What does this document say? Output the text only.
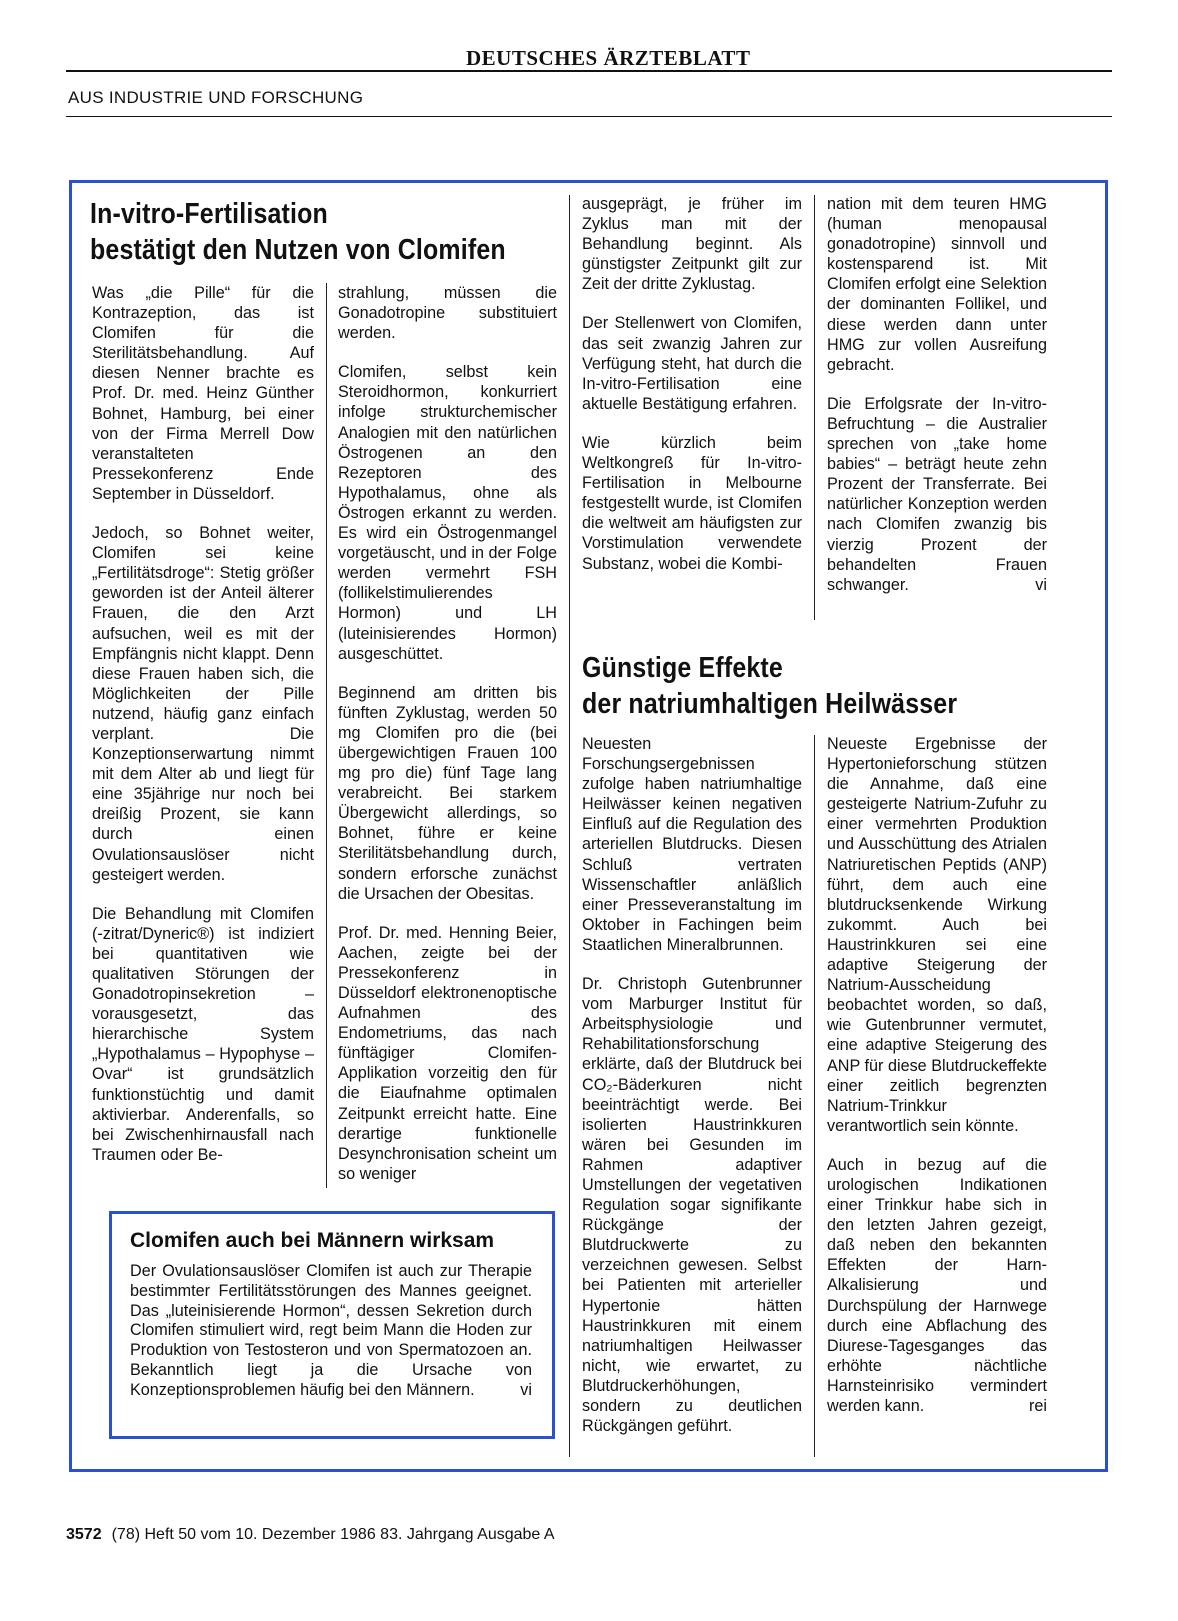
DEUTSCHES ÄRZTEBLATT
AUS INDUSTRIE UND FORSCHUNG
In-vitro-Fertilisation
bestätigt den Nutzen von Clomifen

Was „die Pille“ für die Kontrazeption, das ist Clomifen für die Sterilitätsbehandlung. Auf diesen Nenner brachte es Prof. Dr. med. Heinz Günther Bohnet, Hamburg, bei einer von der Firma Merrell Dow veranstalteten Pressekonferenz Ende September in Düsseldorf.

Jedoch, so Bohnet weiter, Clomifen sei keine „Fertilitätsdroge“: Stetig größer geworden ist der Anteil älterer Frauen, die den Arzt aufsuchen, weil es mit der Empfängnis nicht klappt. Denn diese Frauen haben sich, die Möglichkeiten der Pille nutzend, häufig ganz einfach verplant. Die Konzeptionserwartung nimmt mit dem Alter ab und liegt für eine 35jährige nur noch bei dreißig Prozent, sie kann durch einen Ovulationsauslöser nicht gesteigert werden.

Die Behandlung mit Clomifen (-zitrat/Dyneric®) ist indiziert bei quantitativen wie qualitativen Störungen der Gonadotropinsekretion – vorausgesetzt, das hierarchische System „Hypothalamus – Hypophyse – Ovar“ ist grundsätzlich funktionstüchtig und damit aktivierbar. Anderenfalls, so bei Zwischenhirnausfall nach Traumen oder Be-

strahlung, müssen die Gonadotropine substituiert werden.

Clomifen, selbst kein Steroidhormon, konkurriert infolge strukturchemischer Analogien mit den natürlichen Östrogenen an den Rezeptoren des Hypothalamus, ohne als Östrogen erkannt zu werden. Es wird ein Östrogenmangel vorgetäuscht, und in der Folge werden vermehrt FSH (follikelstimulierendes Hormon) und LH (luteinisierendes Hormon) ausgeschüttet.

Beginnend am dritten bis fünften Zyklustag, werden 50 mg Clomifen pro die (bei übergewichtigen Frauen 100 mg pro die) fünf Tage lang verabreicht. Bei starkem Übergewicht allerdings, so Bohnet, führe er keine Sterilitätsbehandlung durch, sondern erforsche zunächst die Ursachen der Obesitas.

Prof. Dr. med. Henning Beier, Aachen, zeigte bei der Pressekonferenz in Düsseldorf elektronenoptische Aufnahmen des Endometriums, das nach fünftägiger Clomifen-Applikation vorzeitig den für die Eiaufnahme optimalen Zeitpunkt erreicht hatte. Eine derartige funktionelle Desynchronisation scheint um so weniger

ausgeprägt, je früher im Zyklus man mit der Behandlung beginnt. Als günstigster Zeitpunkt gilt zur Zeit der dritte Zyklustag.

Der Stellenwert von Clomifen, das seit zwanzig Jahren zur Verfügung steht, hat durch die In-vitro-Fertilisation eine aktuelle Bestätigung erfahren.

Wie kürzlich beim Weltkongreß für In-vitro-Fertilisation in Melbourne festgestellt wurde, ist Clomifen die weltweit am häufigsten zur Vorstimulation verwendete Substanz, wobei die Kombi-

nation mit dem teuren HMG (human menopausal gonadotropine) sinnvoll und kostensparend ist. Mit Clomifen erfolgt eine Selektion der dominanten Follikel, und diese werden dann unter HMG zur vollen Ausreifung gebracht.

Die Erfolgsrate der In-vitro-Befruchtung – die Australier sprechen von „take home babies“ – beträgt heute zehn Prozent der Transferrate. Bei natürlicher Konzeption werden nach Clomifen zwanzig bis vierzig Prozent der behandelten Frauen schwanger.	vi

Clomifen auch bei Männern wirksam
Der Ovulationsauslöser Clomifen ist auch zur Therapie bestimmter Fertilitätsstörungen des Mannes geeignet. Das „luteinisierende Hormon“, dessen Sekretion durch Clomifen stimuliert wird, regt beim Mann die Hoden zur Produktion von Testosteron und von Spermatozoen an. Bekanntlich liegt ja die Ursache von Konzeptionsproblemen häufig bei den Männern.	vi
Günstige Effekte
der natriumhaltigen Heilwässer

Neuesten Forschungsergebnissen zufolge haben natriumhaltige Heilwässer keinen negativen Einfluß auf die Regulation des arteriellen Blutdrucks. Diesen Schluß vertraten Wissenschaftler anläßlich einer Presseveranstaltung im Oktober in Fachingen beim Staatlichen Mineralbrunnen.

Dr. Christoph Gutenbrunner vom Marburger Institut für Arbeitsphysiologie und Rehabilitationsforschung erklärte, daß der Blutdruck bei CO₂-Bäderkuren nicht beeinträchtigt werde. Bei isolierten Haustrinkkuren wären bei Gesunden im Rahmen adaptiver Umstellungen der vegetativen Regulation sogar signifikante Rückgänge der Blutdruckwerte zu verzeichnen gewesen. Selbst bei Patienten mit arterieller Hypertonie hätten Haustrinkkuren mit einem natriumhaltigen Heilwasser nicht, wie erwartet, zu Blutdruckerhöhungen, sondern zu deutlichen Rückgängen geführt.

Neueste Ergebnisse der Hypertonieforschung stützen die Annahme, daß eine gesteigerte Natrium-Zufuhr zu einer vermehrten Produktion und Ausschüttung des Atrialen Natriuretischen Peptids (ANP) führt, dem auch eine blutdrucksenkende Wirkung zukommt. Auch bei Haustrinkkuren sei eine adaptive Steigerung der Natrium-Ausscheidung beobachtet worden, so daß, wie Gutenbrunner vermutet, eine adaptive Steigerung des ANP für diese Blutdruckeffekte einer zeitlich begrenzten Natrium-Trinkkur verantwortlich sein könnte.

Auch in bezug auf die urologischen Indikationen einer Trinkkur habe sich in den letzten Jahren gezeigt, daß neben den bekannten Effekten der Harn-Alkalisierung und Durchspülung der Harnwege durch eine Abflachung des Diurese-Tagesganges das erhöhte nächtliche Harnsteinrisiko vermindert werden kann.	rei

3572 (78) Heft 50 vom 10. Dezember 1986 83. Jahrgang Ausgabe A
